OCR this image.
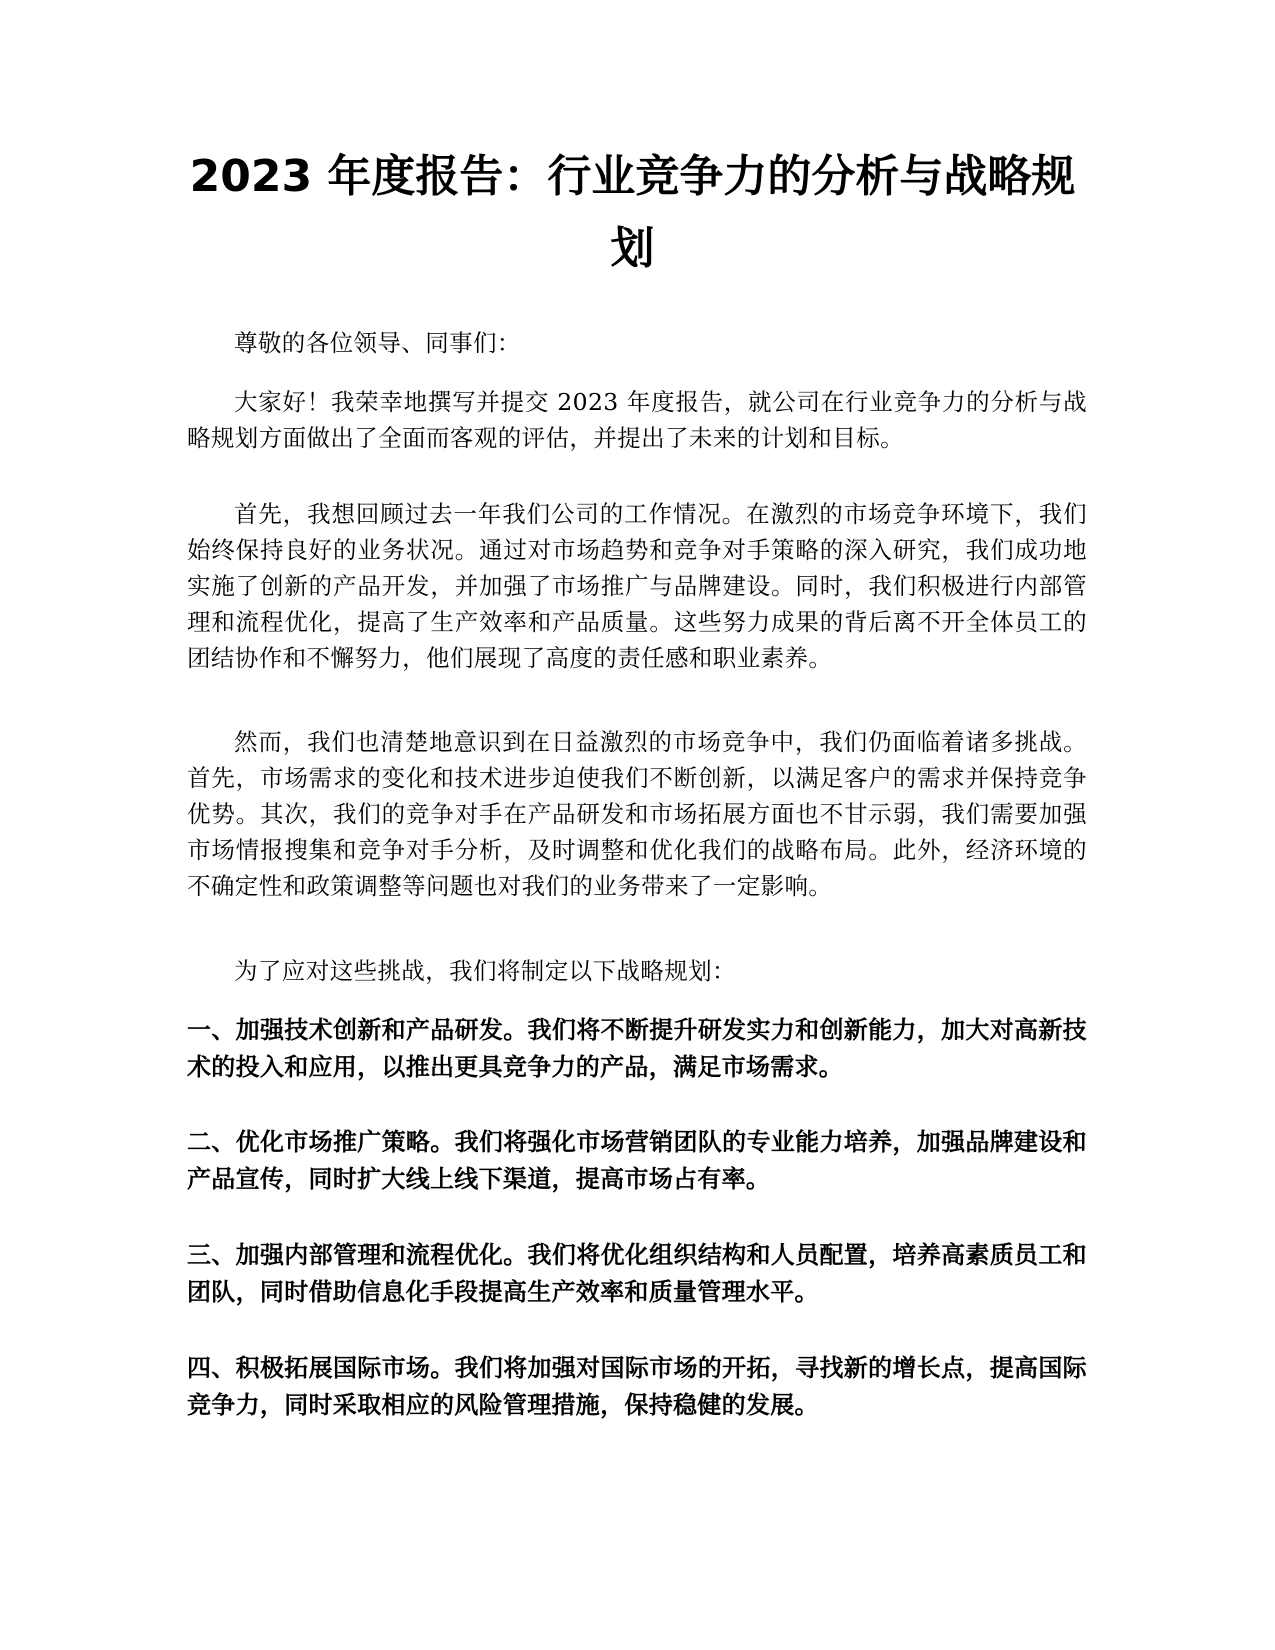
2023 年度报告：行业竞争力的分析与战略规划

尊敬的各位领导、同事们：

大家好！我荣幸地撰写并提交 2023 年度报告，就公司在行业竞争力的分析与战略规划方面做出了全面而客观的评估，并提出了未来的计划和目标。

首先，我想回顾过去一年我们公司的工作情况。在激烈的市场竞争环境下，我们始终保持良好的业务状况。通过对市场趋势和竞争对手策略的深入研究，我们成功地实施了创新的产品开发，并加强了市场推广与品牌建设。同时，我们积极进行内部管理和流程优化，提高了生产效率和产品质量。这些努力成果的背后离不开全体员工的团结协作和不懈努力，他们展现了高度的责任感和职业素养。

然而，我们也清楚地意识到在日益激烈的市场竞争中，我们仍面临着诸多挑战。首先，市场需求的变化和技术进步迫使我们不断创新，以满足客户的需求并保持竞争优势。其次，我们的竞争对手在产品研发和市场拓展方面也不甘示弱，我们需要加强市场情报搜集和竞争对手分析，及时调整和优化我们的战略布局。此外，经济环境的不确定性和政策调整等问题也对我们的业务带来了一定影响。

为了应对这些挑战，我们将制定以下战略规划：

一、加强技术创新和产品研发。我们将不断提升研发实力和创新能力，加大对高新技术的投入和应用，以推出更具竞争力的产品，满足市场需求。

二、优化市场推广策略。我们将强化市场营销团队的专业能力培养，加强品牌建设和产品宣传，同时扩大线上线下渠道，提高市场占有率。

三、加强内部管理和流程优化。我们将优化组织结构和人员配置，培养高素质员工和团队，同时借助信息化手段提高生产效率和质量管理水平。

四、积极拓展国际市场。我们将加强对国际市场的开拓，寻找新的增长点，提高国际竞争力，同时采取相应的风险管理措施，保持稳健的发展。
